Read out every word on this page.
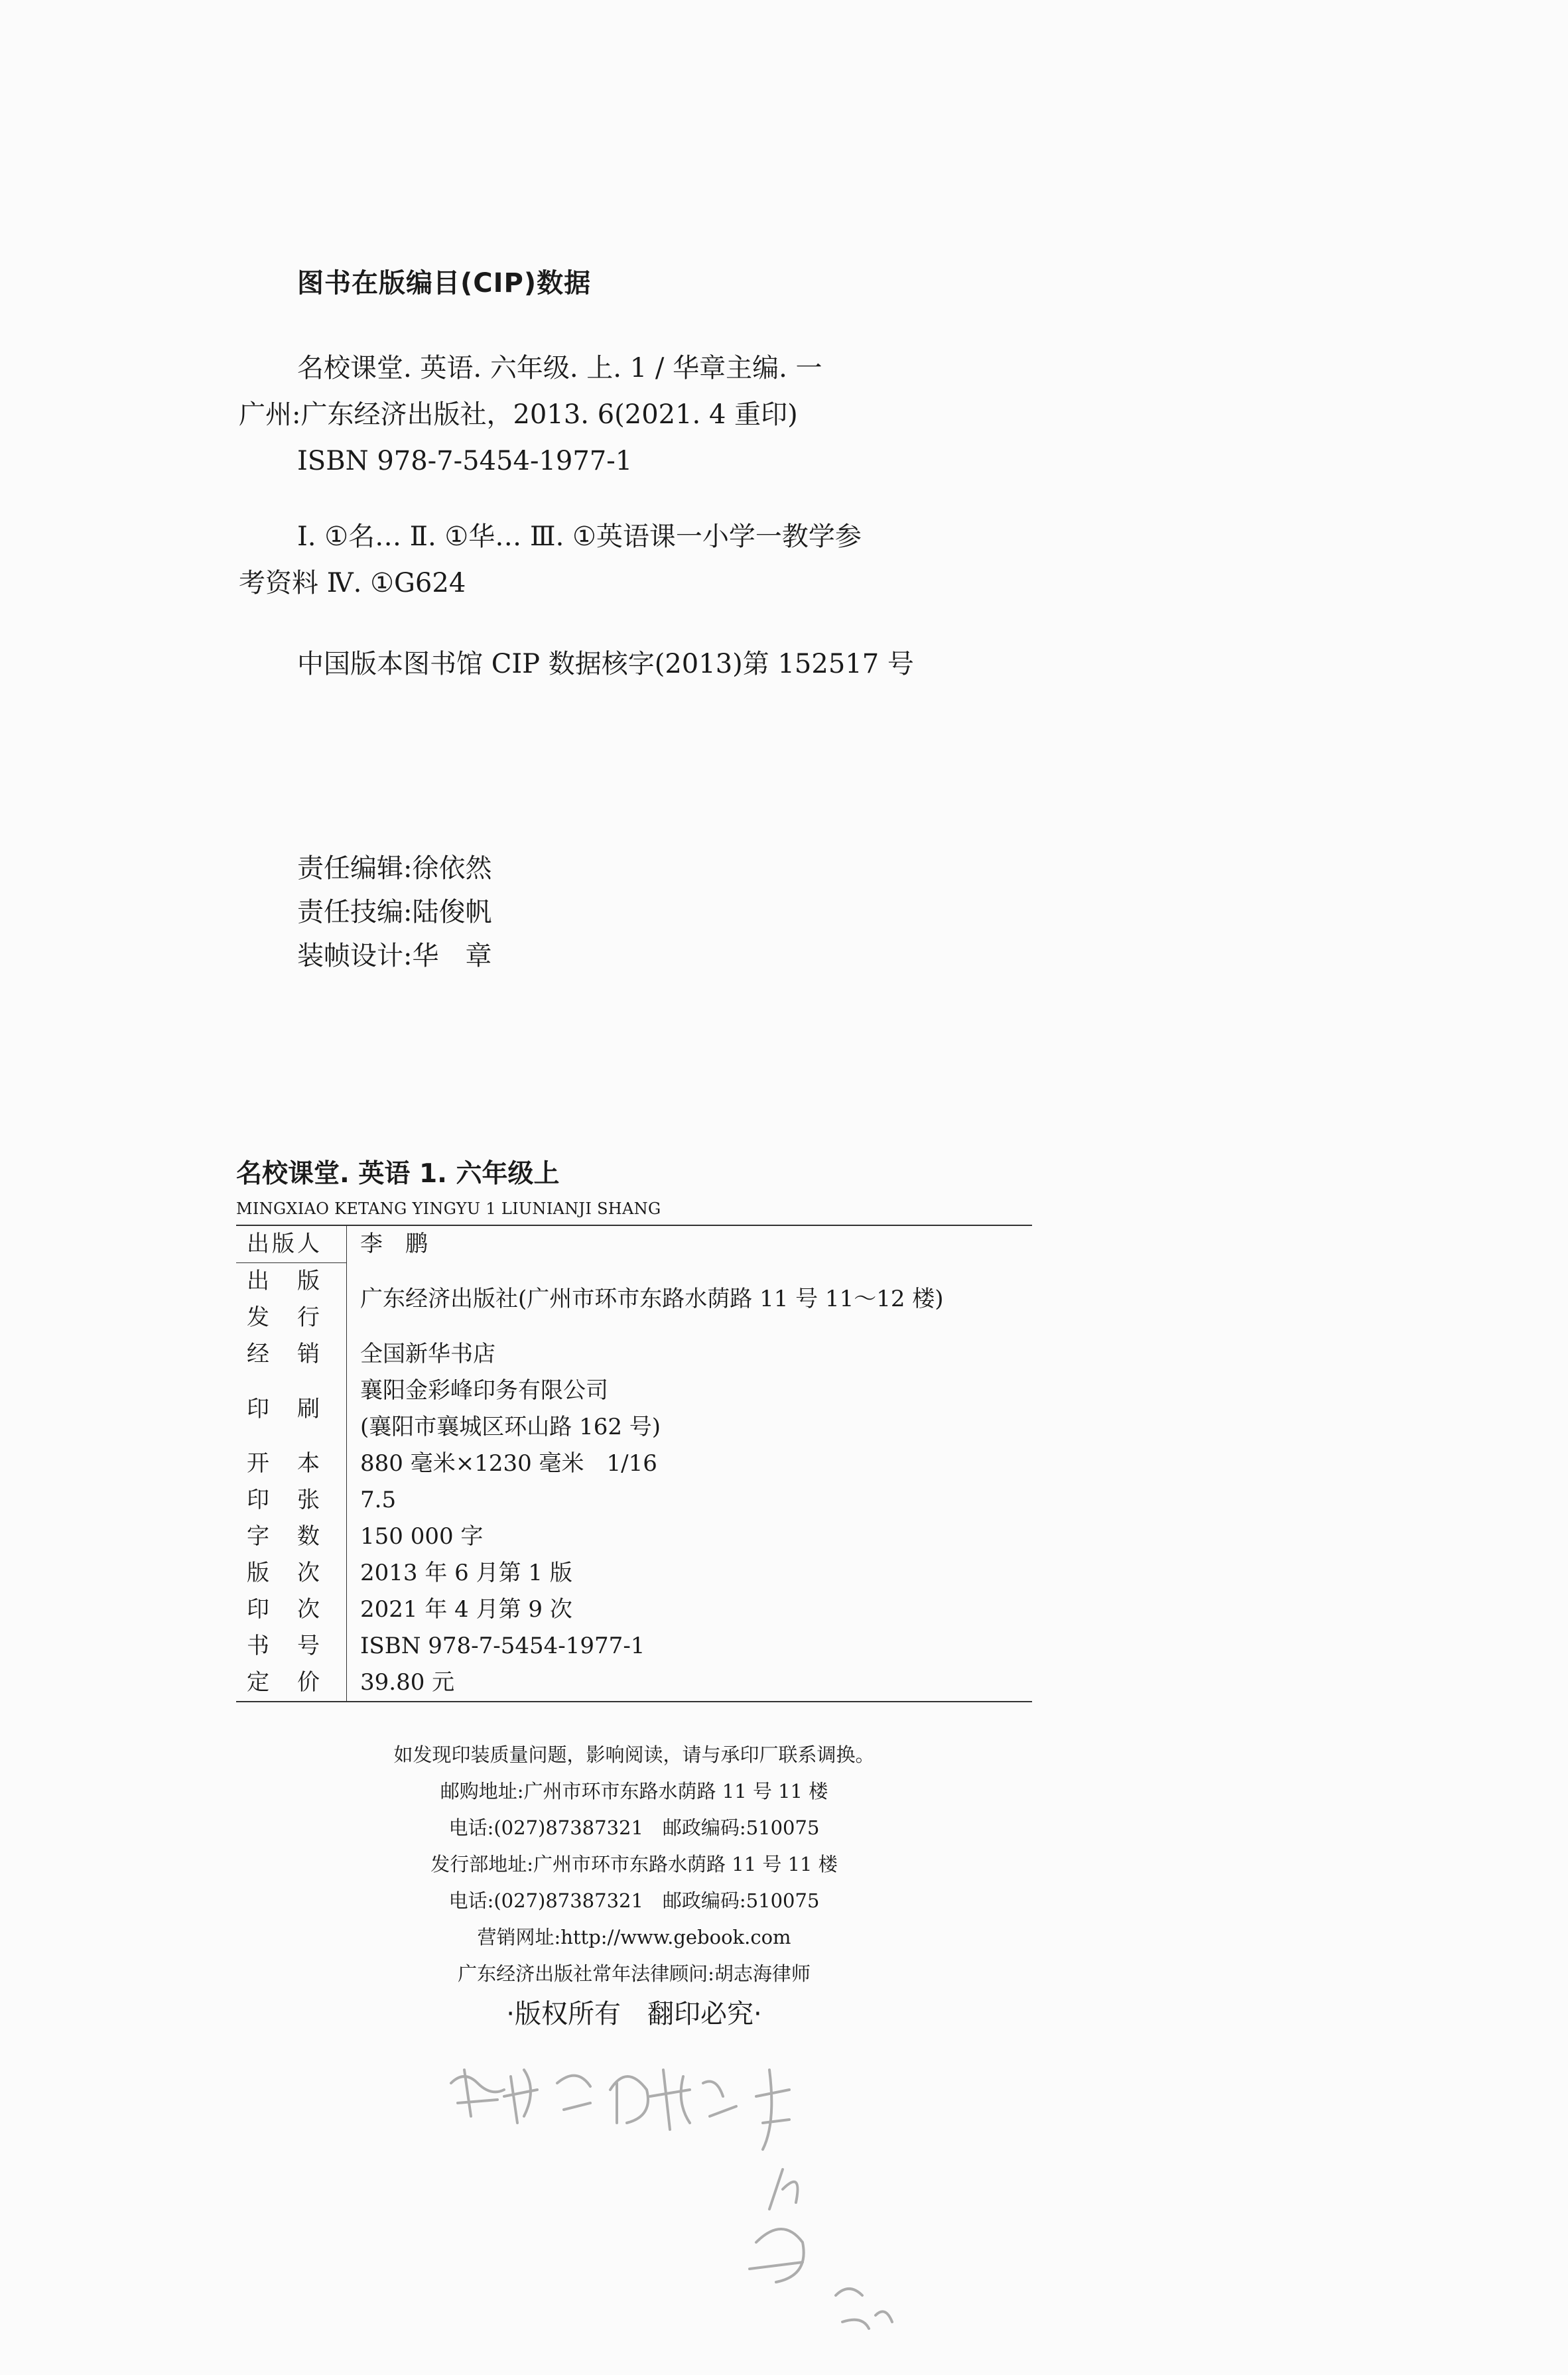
图书在版编目(CIP)数据

名校课堂. 英语. 六年级. 上. 1 / 华章主编. 一

广州:广东经济出版社，2013. 6(2021. 4 重印)

ISBN 978-7-5454-1977-1

Ⅰ. ①名… Ⅱ. ①华… Ⅲ. ①英语课一小学一教学参

考资料 Ⅳ. ①G624

中国版本图书馆 CIP 数据核字(2013)第 152517 号

责任编辑:徐依然
责任技编:陆俊帆
装帧设计:华　章
名校课堂. 英语 1. 六年级上
MINGXIAO KETANG YINGYU 1 LIUNIANJI SHANG
出版人	李　鹏
出　版
发　行	广东经济出版社(广州市环市东路水荫路 11 号 11～12 楼)
经　销	全国新华书店
印　刷	襄阳金彩峰印务有限公司
(襄阳市襄城区环山路 162 号)
开　本	880 毫米×1230 毫米　1/16
印　张	7.5
字　数	150 000 字
版　次	2013 年 6 月第 1 版
印　次	2021 年 4 月第 9 次
书　号	ISBN 978-7-5454-1977-1
定　价	39.80 元
如发现印装质量问题，影响阅读，请与承印厂联系调换。
邮购地址:广州市环市东路水荫路 11 号 11 楼
电话:(027)87387321　邮政编码:510075
发行部地址:广州市环市东路水荫路 11 号 11 楼
电话:(027)87387321　邮政编码:510075
营销网址:http://www.gebook.com
广东经济出版社常年法律顾问:胡志海律师
·版权所有　翻印必究·
